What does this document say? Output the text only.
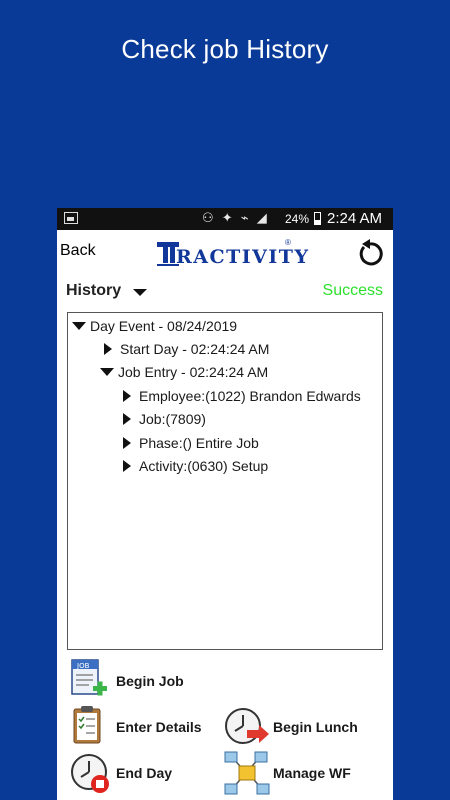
Check job History
⚇ ✦ ⌁ ◢ 24% 2:24 AM
Back	RACTIVITY
®
History	Success
Day Event - 08/24/2019
Start Day - 02:24:24 AM
Job Entry - 02:24:24 AM
Employee:(1022) Brandon Edwards
Job:(7809)
Phase:() Entire Job
Activity:(0630) Setup
JOB
Begin Job
Enter Details	Begin Lunch
End Day	Manage WF
